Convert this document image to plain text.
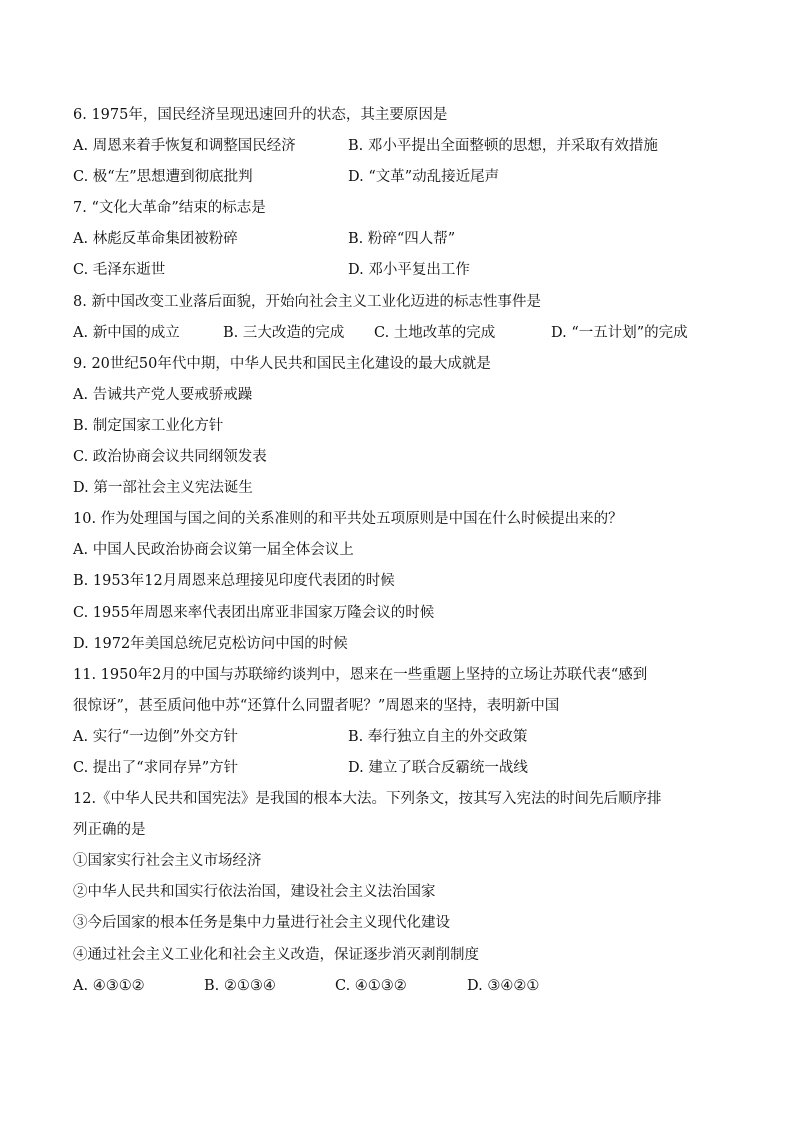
6. 1975年，国民经济呈现迅速回升的状态，其主要原因是
A. 周恩来着手恢复和调整国民经济	B. 邓小平提出全面整顿的思想，并采取有效措施
C. 极“左”思想遭到彻底批判	D. “文革”动乱接近尾声
7. “文化大革命”结束的标志是
A. 林彪反革命集团被粉碎	B. 粉碎“四人帮”
C. 毛泽东逝世	D. 邓小平复出工作
8. 新中国改变工业落后面貌，开始向社会主义工业化迈进的标志性事件是
A. 新中国的成立	B. 三大改造的完成 C. 土地改革的完成	D. “一五计划”的完成
9. 20世纪50年代中期，中华人民共和国民主化建设的最大成就是
A. 告诫共产党人要戒骄戒躁
B. 制定国家工业化方针
C. 政治协商会议共同纲领发表
D. 第一部社会主义宪法诞生
10. 作为处理国与国之间的关系准则的和平共处五项原则是中国在什么时候提出来的？
A. 中国人民政治协商会议第一届全体会议上
B. 1953年12月周恩来总理接见印度代表团的时候
C. 1955年周恩来率代表团出席亚非国家万隆会议的时候
D. 1972年美国总统尼克松访问中国的时候
11. 1950年2月的中国与苏联缔约谈判中，恩来在一些重题上坚持的立场让苏联代表“感到
很惊讶”，甚至质问他中苏“还算什么同盟者呢？”周恩来的坚持，表明新中国
A. 实行“一边倒”外交方针	B. 奉行独立自主的外交政策
C. 提出了“求同存异”方针	D. 建立了联合反霸统一战线
12.《中华人民共和国宪法》是我国的根本大法。下列条文，按其写入宪法的时间先后顺序排
列正确的是
①国家实行社会主义市场经济
②中华人民共和国实行依法治国，建设社会主义法治国家
③今后国家的根本任务是集中力量进行社会主义现代化建设
④通过社会主义工业化和社会主义改造，保证逐步消灭剥削制度
A. ④③①②	B. ②①③④	C. ④①③②	D. ③④②①
